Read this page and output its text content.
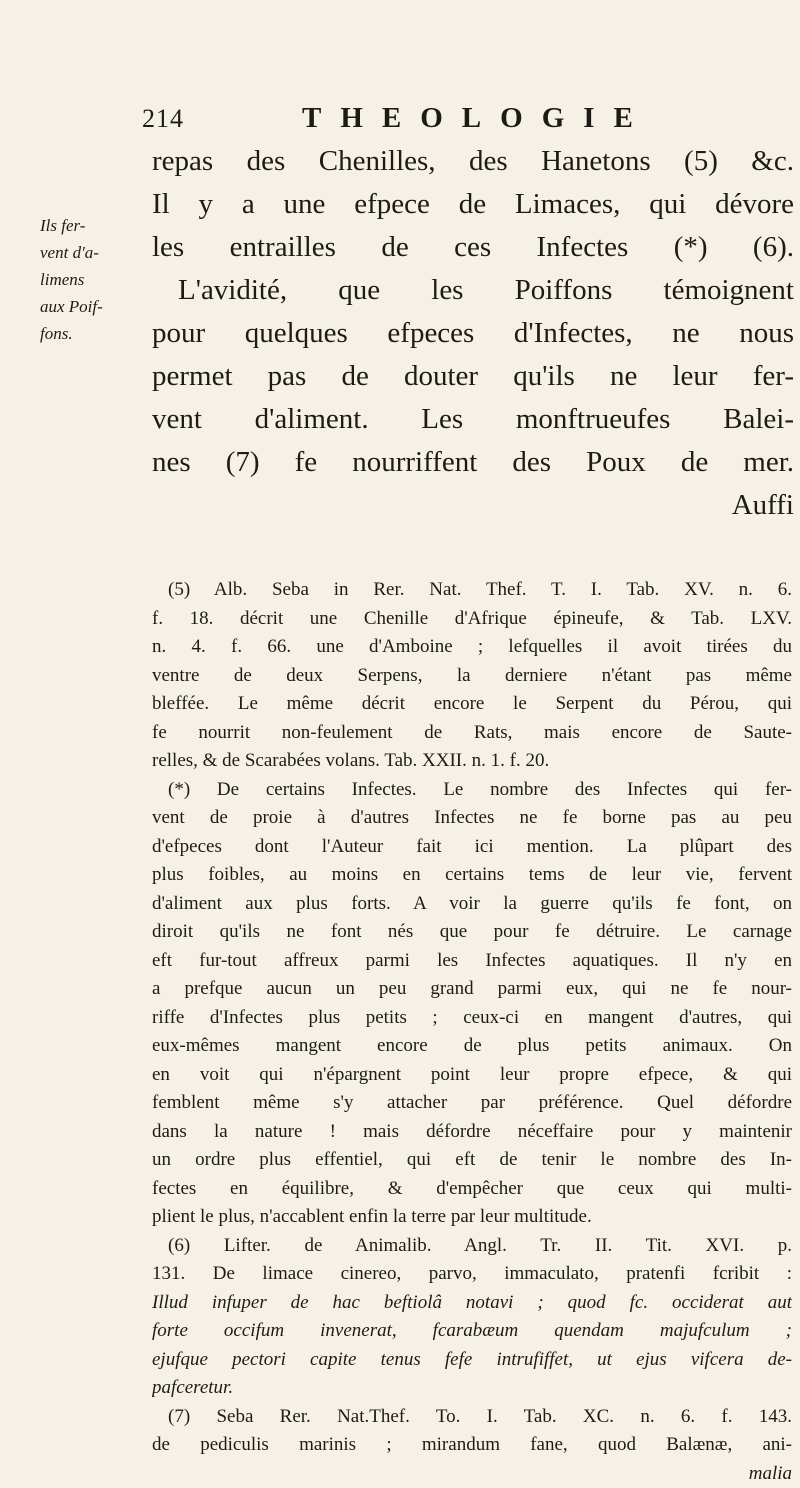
214	THEOLOGIE
Ils fer-
vent d'a-
limens
aux Poif-
fons.
repas des Chenilles, des Hanetons (5) &c.
Il y a une efpece de Limaces, qui dévore
les entrailles de ces Infectes (*) (6).
L'avidité, que les Poiffons témoignent
pour quelques efpeces d'Infectes, ne nous
permet pas de douter qu'ils ne leur fer-
vent d'aliment. Les monftrueufes Balei-
nes (7) fe nourriffent des Poux de mer.
Auffi
(5) Alb. Seba in Rer. Nat. Thef. T. I. Tab. XV. n. 6.
f. 18. décrit une Chenille d'Afrique épineufe, & Tab. LXV.
n. 4. f. 66. une d'Amboine ; lefquelles il avoit tirées du
ventre de deux Serpens, la derniere n'étant pas même
bleffée. Le même décrit encore le Serpent du Pérou, qui
fe nourrit non-feulement de Rats, mais encore de Saute-
relles, & de Scarabées volans. Tab. XXII. n. 1. f. 20.
(*) De certains Infectes. Le nombre des Infectes qui fer-
vent de proie à d'autres Infectes ne fe borne pas au peu
d'efpeces dont l'Auteur fait ici mention. La plûpart des
plus foibles, au moins en certains tems de leur vie, fervent
d'aliment aux plus forts. A voir la guerre qu'ils fe font, on
diroit qu'ils ne font nés que pour fe détruire. Le carnage
eft fur-tout affreux parmi les Infectes aquatiques. Il n'y en
a prefque aucun un peu grand parmi eux, qui ne fe nour-
riffe d'Infectes plus petits ; ceux-ci en mangent d'autres, qui
eux-mêmes mangent encore de plus petits animaux. On
en voit qui n'épargnent point leur propre efpece, & qui
femblent même s'y attacher par préférence. Quel défordre
dans la nature ! mais défordre néceffaire pour y maintenir
un ordre plus effentiel, qui eft de tenir le nombre des In-
fectes en équilibre, & d'empêcher que ceux qui multi-
plient le plus, n'accablent enfin la terre par leur multitude.
(6) Lifter. de Animalib. Angl. Tr. II. Tit. XVI. p.
131. De limace cinereo, parvo, immaculato, pratenfi fcribit :
Illud infuper de hac beftiolâ notavi ; quod fc. occiderat aut
forte occifum invenerat, fcarabæum quendam majufculum ;
ejufque pectori capite tenus fefe intrufiffet, ut ejus vifcera de-
pafceretur.
(7) Seba Rer. Nat.Thef. To. I. Tab. XC. n. 6. f. 143.
de pediculis marinis ; mirandum fane, quod Balænæ, ani-
malia
